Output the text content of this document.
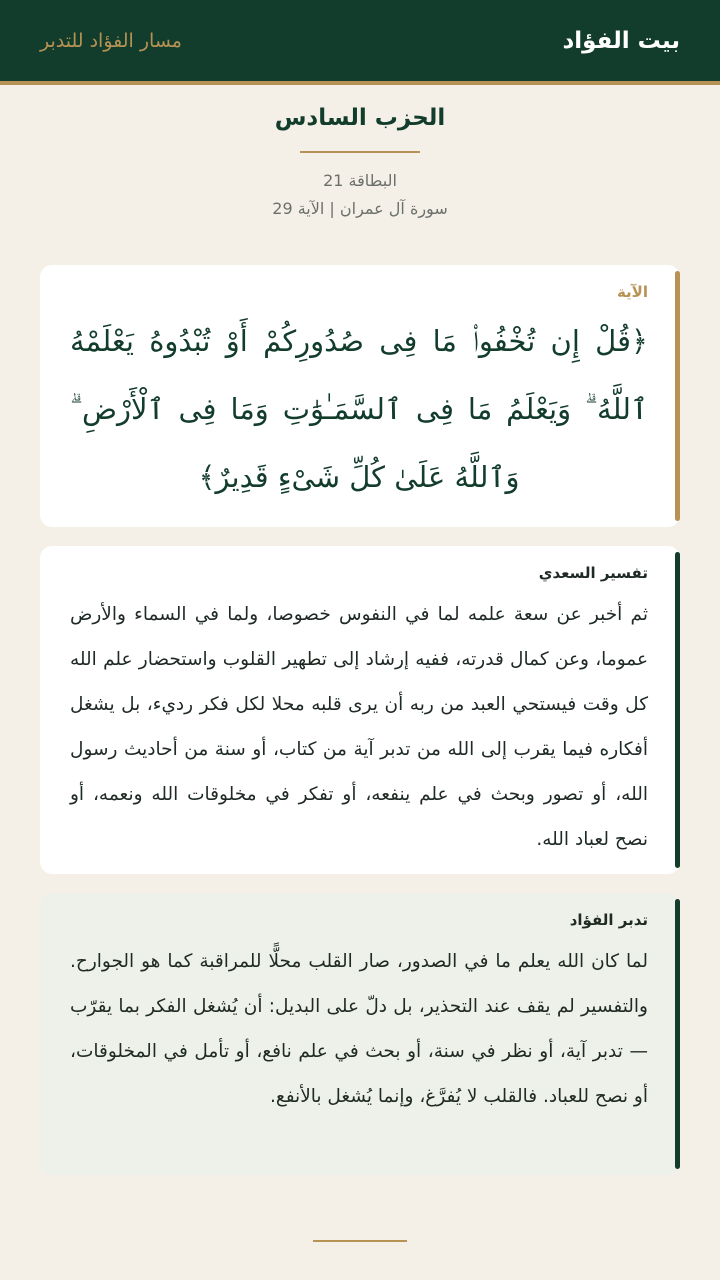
بيت الفؤاد
مسار الفؤاد للتدبر
الحزب السادس
البطاقة 21
سورة آل عمران | الآية 29
الآية
﴿قُلْ إِن تُخْفُوا۟ مَا فِى صُدُورِكُمْ أَوْ تُبْدُوهُ يَعْلَمْهُ ٱللَّهُ ۗ وَيَعْلَمُ مَا فِى ٱلسَّمَـٰوَٰتِ وَمَا فِى ٱلْأَرْضِ ۗ وَٱللَّهُ عَلَىٰ كُلِّ شَىْءٍ قَدِيرٌ﴾
تفسير السعدي
ثم أخبر عن سعة علمه لما في النفوس خصوصا، ولما في السماء والأرض عموما، وعن كمال قدرته، ففيه إرشاد إلى تطهير القلوب واستحضار علم الله كل وقت فيستحي العبد من ربه أن يرى قلبه محلا لكل فكر رديء، بل يشغل أفكاره فيما يقرب إلى الله من تدبر آية من كتاب، أو سنة من أحاديث رسول الله، أو تصور وبحث في علم ينفعه، أو تفكر في مخلوقات الله ونعمه، أو نصح لعباد الله.
تدبر الفؤاد
لما كان الله يعلم ما في الصدور، صار القلب محلًّا للمراقبة كما هو الجوارح. والتفسير لم يقف عند التحذير، بل دلّ على البديل: أن يُشغل الفكر بما يقرّب — تدبر آية، أو نظر في سنة، أو بحث في علم نافع، أو تأمل في المخلوقات، أو نصح للعباد. فالقلب لا يُفرَّغ، وإنما يُشغل بالأنفع.
